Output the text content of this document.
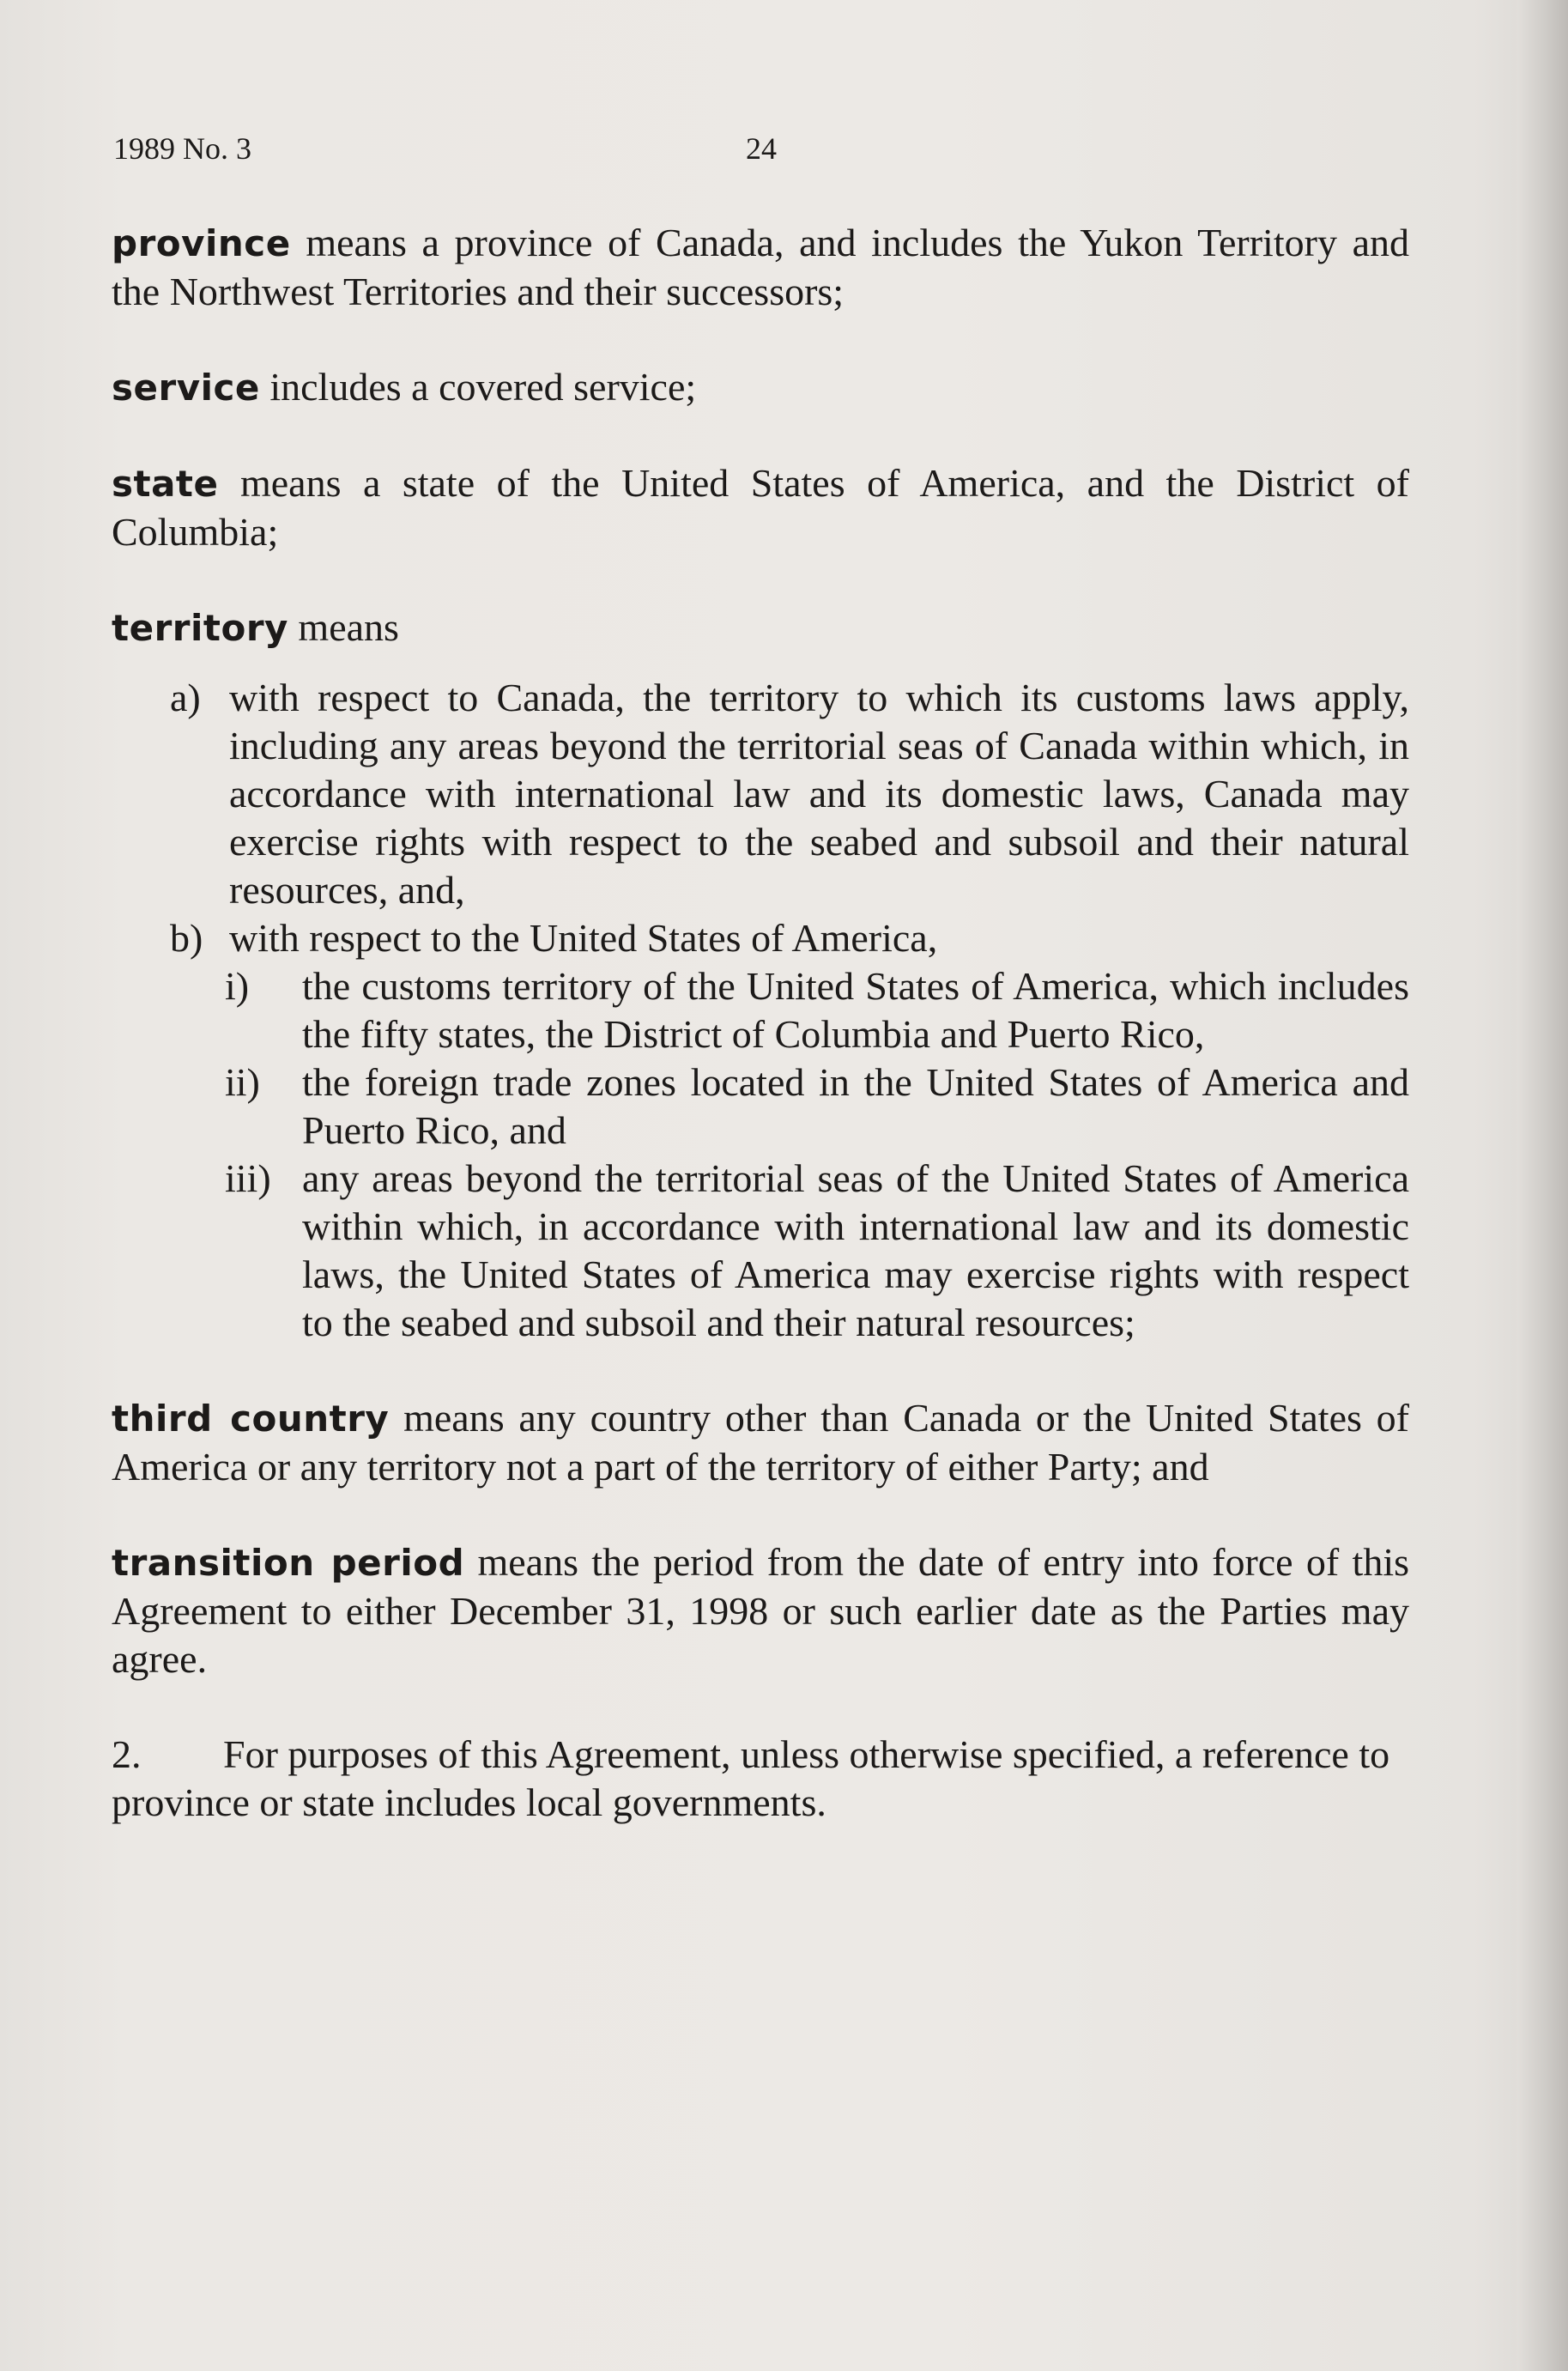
1989 No. 3	24

province means a province of Canada, and includes the Yukon Territory and the Northwest Territories and their successors;

service includes a covered service;

state means a state of the United States of America, and the District of Columbia;

territory means

a) with respect to Canada, the territory to which its customs laws apply, including any areas beyond the territorial seas of Canada within which, in accordance with international law and its domestic laws, Canada may exercise rights with respect to the seabed and subsoil and their natural resources, and,
b) with respect to the United States of America,
i) the customs territory of the United States of America, which includes the fifty states, the District of Columbia and Puerto Rico,
ii) the foreign trade zones located in the United States of America and Puerto Rico, and
iii) any areas beyond the territorial seas of the United States of America within which, in accordance with international law and its domestic laws, the United States of America may exercise rights with respect to the seabed and subsoil and their natural resources;

third country means any country other than Canada or the United States of America or any territory not a part of the territory of either Party; and

transition period means the period from the date of entry into force of this Agreement to either December 31, 1998 or such earlier date as the Parties may agree.

2. For purposes of this Agreement, unless otherwise specified, a reference to province or state includes local governments.
